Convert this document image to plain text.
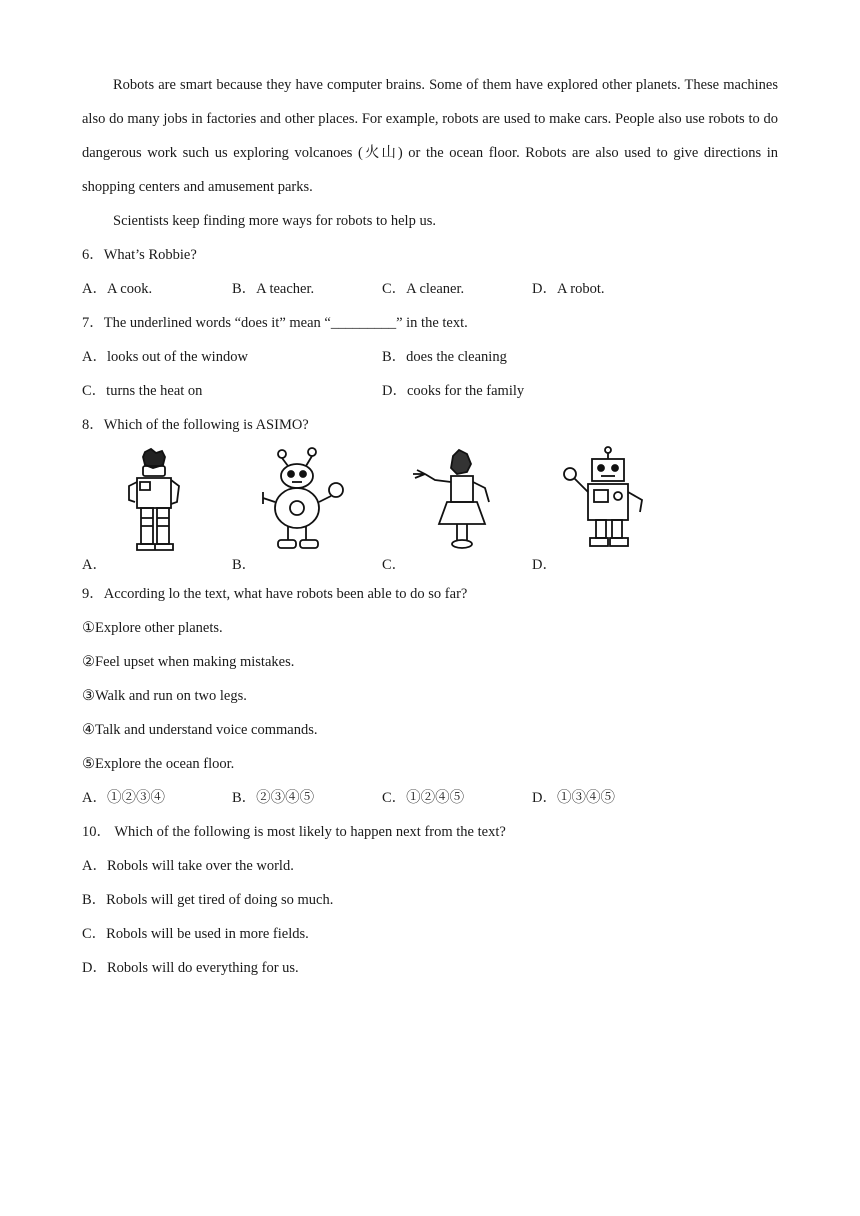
Robots are smart because they have computer brains. Some of them have explored other planets. These machines also do many jobs in factories and other places. For example, robots are used to make cars. People also use robots to do dangerous work such us exploring volcanoes (火山) or the ocean floor. Robots are also used to give directions in shopping centers and amusement parks.

Scientists keep finding more ways for robots to help us.

6．What’s Robbie?
A．A cook.	B．A teacher.	C．A cleaner.	D．A robot.
7．The underlined words “does it” mean “_________” in the text.
A．looks out of the window	B．does the cleaning
C．turns the heat on	D．cooks for the family
8．Which of the following is ASIMO?
A．	B．	C．	D．
9．According lo the text, what have robots been able to do so far?
①Explore other planets.
②Feel upset when making mistakes.
③Walk and run on two legs.
④Talk and understand voice commands.
⑤Explore the ocean floor.
A．①②③④	B．②③④⑤	C．①②④⑤	D．①③④⑤
10． Which of the following is most likely to happen next from the text?
A．Robols will take over the world.
B．Robols will get tired of doing so much.
C．Robols will be used in more fields.
D．Robols will do everything for us.
